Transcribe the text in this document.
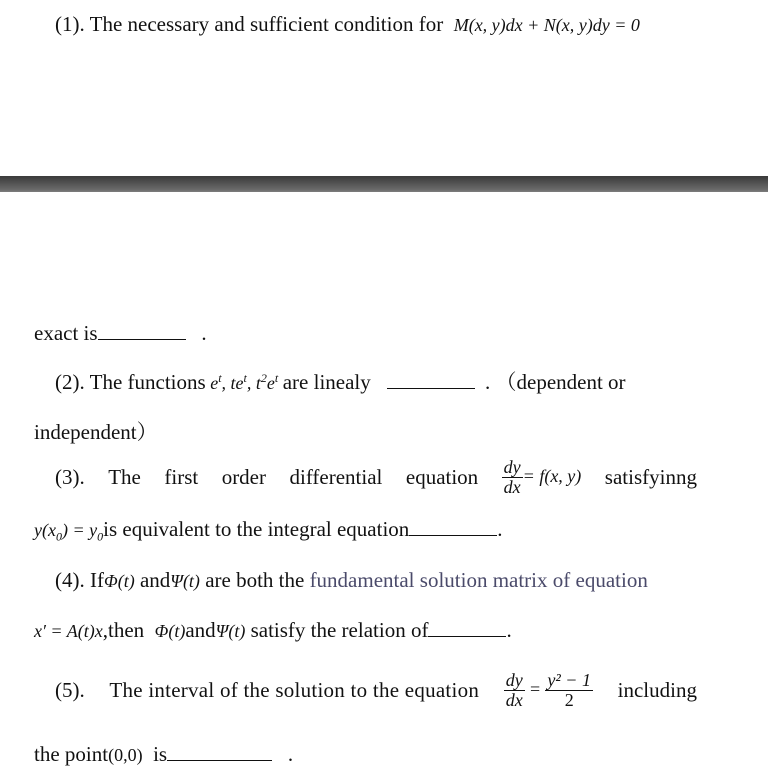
(1). The necessary and sufficient condition for M(x, y)dx + N(x, y)dy = 0
exact is	.
(2). The functions $e^t$, $te^t$, $t^2e^t$ are linealy	. （dependent or
independent）
(3). The first order differential equation $\frac{dy}{dx} = f(x$, y) satisfyinng
$y(x_0) = y_0is$ equivalent to the integral equation	.
(4). IfΦ(t) andΨ(t) are both the fundamental solution matrix of equation
x′ = A(t)x,then Φ(t)andΨ(t) satisfy the relation of	.
(5). The interval of the solution to the equation $\frac{dy}{dx} = \frac{\text{y² − 1}}{2}$ including
the point(0,0) is	.
